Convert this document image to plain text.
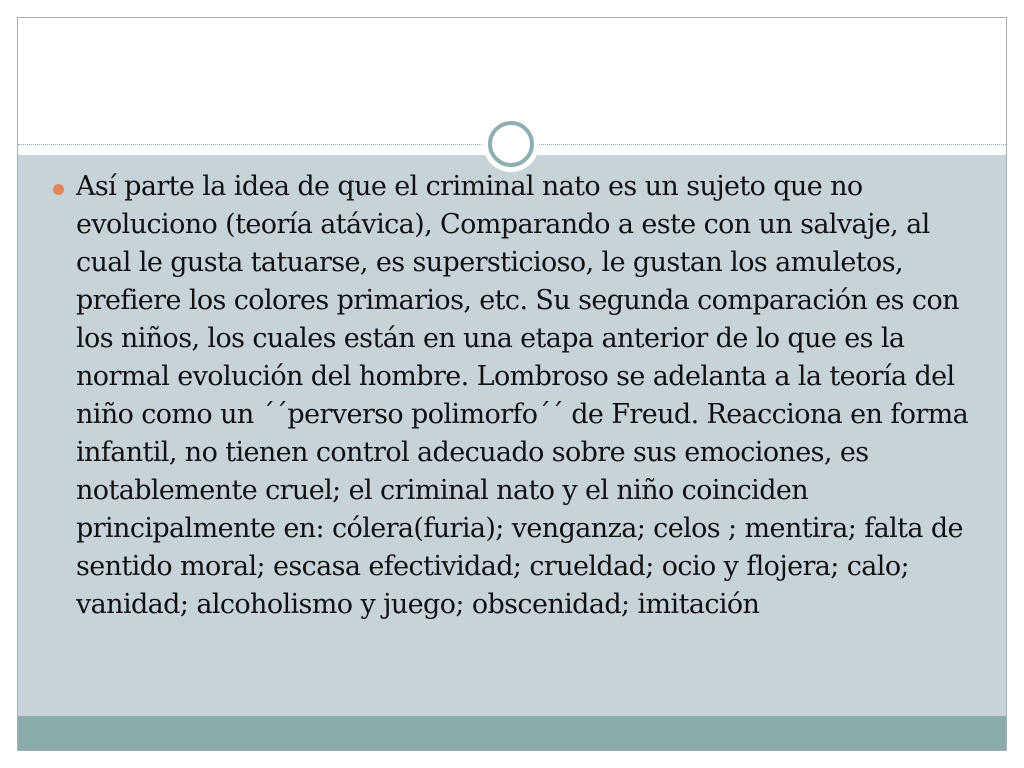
Así parte la idea de que el criminal nato es un sujeto que no evoluciono (teoría atávica), Comparando a este con un salvaje, al cual le gusta tatuarse, es supersticioso, le gustan los amuletos, prefiere los colores primarios, etc. Su segunda comparación es con los niños, los cuales están en una etapa anterior de lo que es la normal evolución del hombre. Lombroso se adelanta a la teoría del niño como un ´´perverso polimorfo´´ de Freud. Reacciona en forma infantil, no tienen control adecuado sobre sus emociones, es notablemente cruel; el criminal nato y el niño coinciden principalmente en: cólera(furia); venganza; celos ; mentira; falta de sentido moral; escasa efectividad; crueldad; ocio y flojera; calo; vanidad; alcoholismo y juego; obscenidad; imitación
